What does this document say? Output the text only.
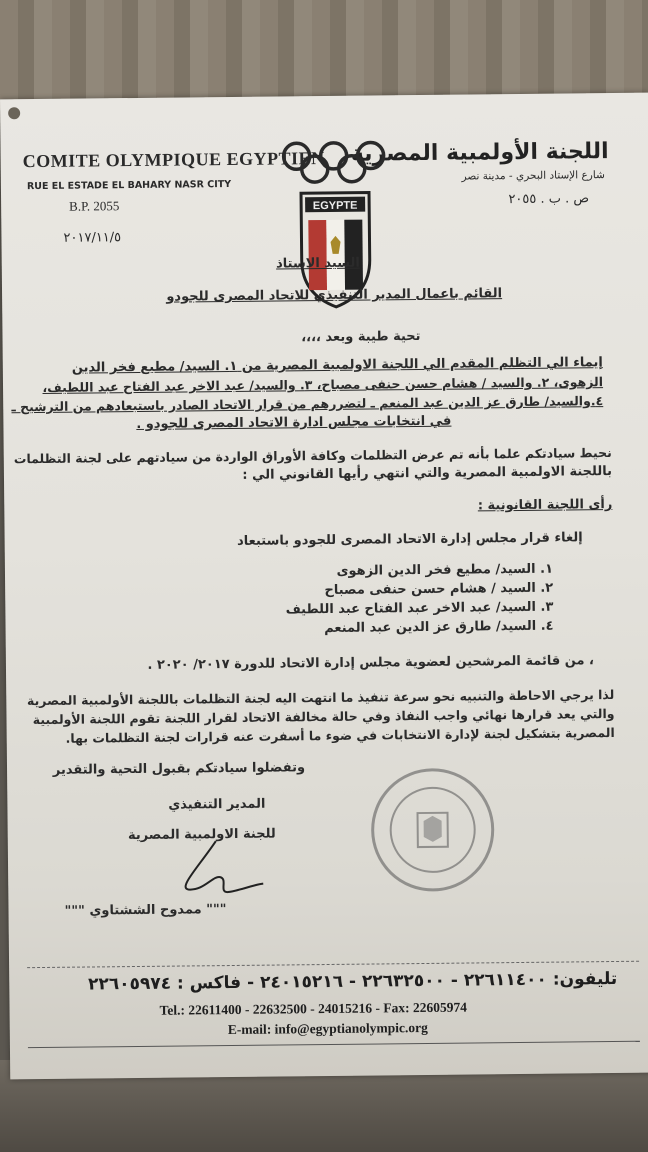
COMITE OLYMPIQUE EGYPTIEN
RUE EL ESTADE EL BAHARY NASR CITY
B.P. 2055
اللجنة الأولمبية المصرية
شارع الإستاد البحري - مدينة نصر
ص . ب . ٢٠٥٥
EGYPTE
٢٠١٧/١١/٥
السيد الاستاذ
القائم باعمال المدير التنفيذي للاتحاد المصرى للجودو
تحية طيبة وبعد ،،،،
إيماء الي التظلم المقدم الي اللجنة الاولمبية المصرية من ١. السيد/ مطيع فخر الدين
الزهوى، ٢. والسيد / هشام حسن حنفى مصباح، ٣. والسيد/ عبد الاخر عبد الفتاح عبد اللطيف،
٤.والسيد/ طارق عز الدين عبد المنعم ـ لتضررهم من قرار الاتحاد الصادر باستبعادهم من الترشيح ـ
في انتخابات مجلس ادارة الاتحاد المصرى للجودو .
نحيط سيادتكم علما بأنه تم عرض التظلمات وكافة الأوراق الواردة من سيادتهم على لجنة التظلمات
باللجنة الاولمبية المصرية والتي انتهي رأيها القانوني الي :
رأى اللجنة القانونية :
إلغاء قرار مجلس إدارة الاتحاد المصرى للجودو باستبعاد
١. السيد/ مطيع فخر الدين الزهوى
٢. السيد / هشام حسن حنفى مصباح
٣. السيد/ عبد الاخر عبد الفتاح عبد اللطيف
٤. السيد/ طارق عز الدين عبد المنعم
، من قائمة المرشحين لعضوية مجلس إدارة الاتحاد للدورة ٢٠١٧/ ٢٠٢٠ .
لذا يرجي الاحاطة والتنبيه نحو سرعة تنفيذ ما انتهت اليه لجنة التظلمات باللجنة الأولمبية المصرية
والتي يعد قرارها نهائي واجب النفاذ وفي حالة مخالفة الاتحاد لقرار اللجنة تقوم اللجنة الأولمبية
المصرية بتشكيل لجنة لإدارة الانتخابات في ضوء ما أسفرت عنه قرارات لجنة التظلمات بها.
وتفضلوا سيادتكم بقبول التحية والتقدير
المدير التنفيذي
للجنة الاولمبية المصرية
""" ممدوح الششتاوي """
تليفون: ٢٢٦١١٤٠٠ - ٢٢٦٣٢٥٠٠ - ٢٤٠١٥٢١٦ - فاكس : ٢٢٦٠٥٩٧٤
Tel.: 22611400 - 22632500 - 24015216 - Fax: 22605974
E-mail: info@egyptianolympic.org
